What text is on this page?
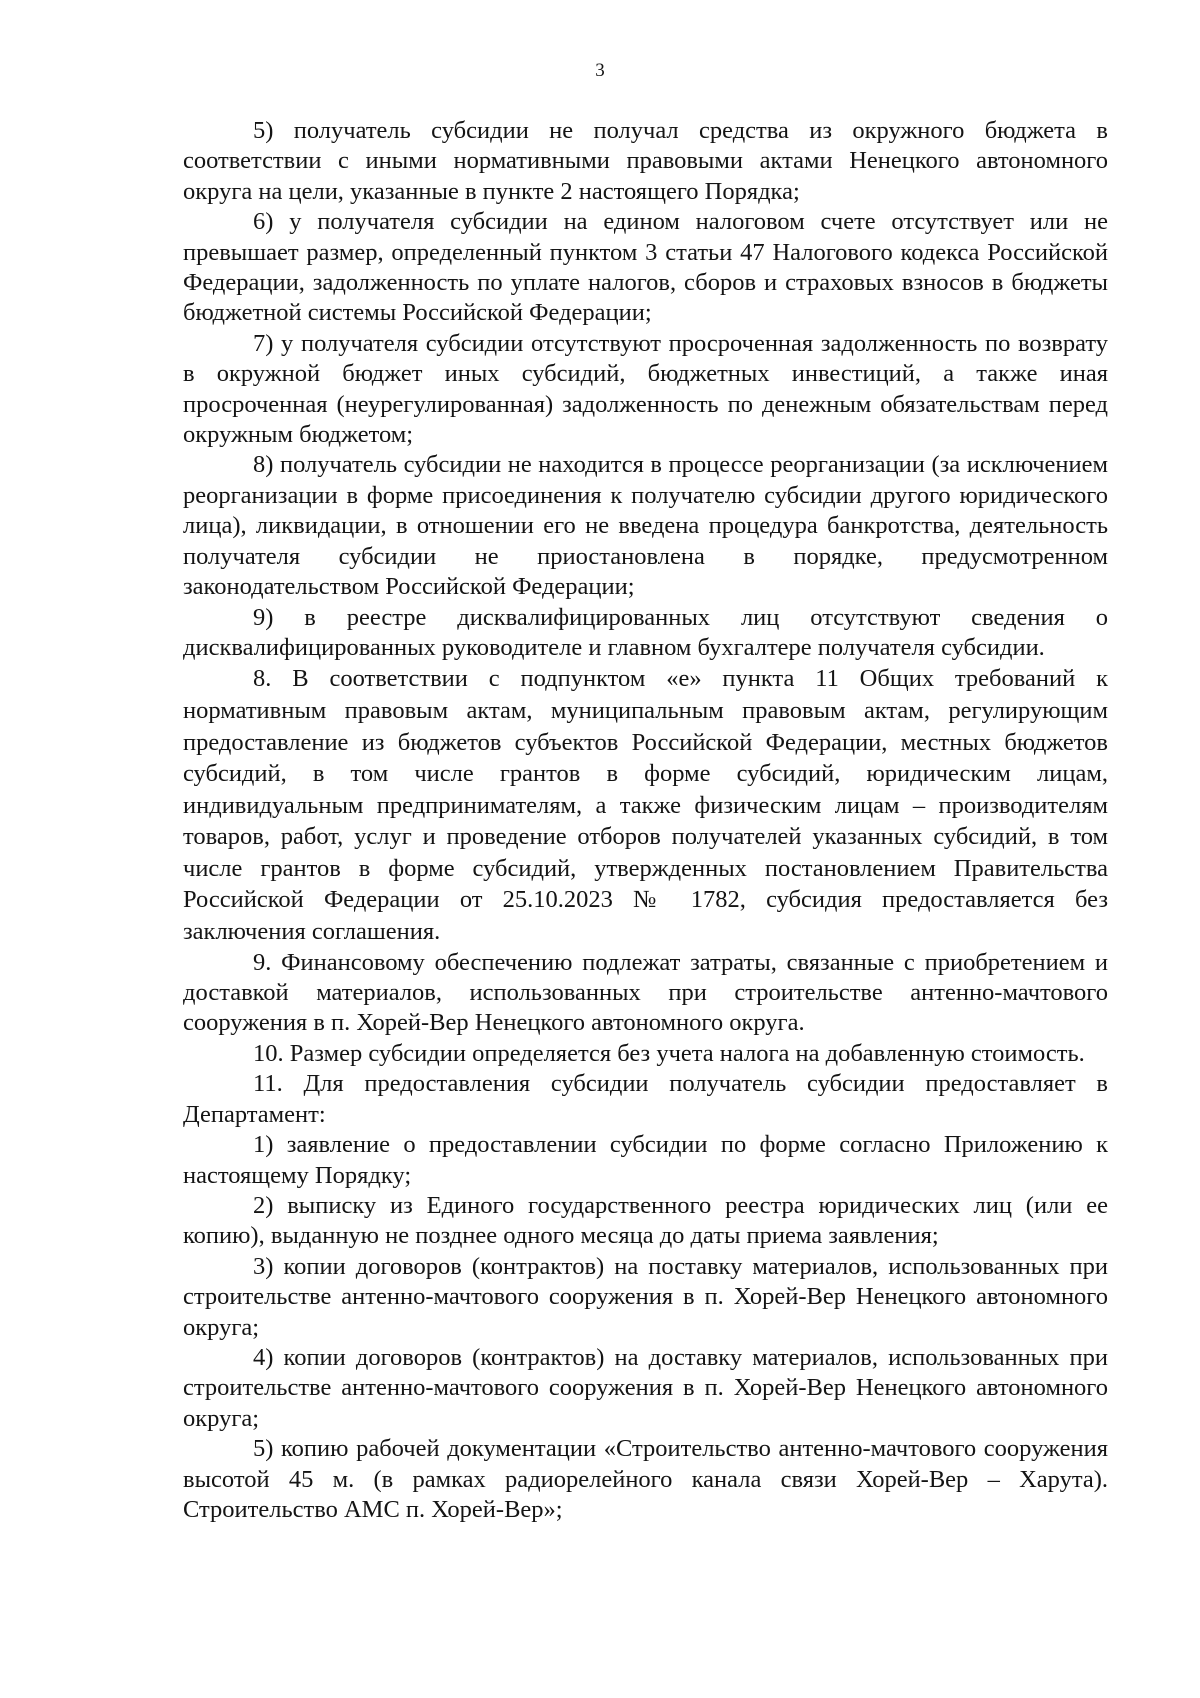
3

5) получатель субсидии не получал средства из окружного бюджета в соответствии с иными нормативными правовыми актами Ненецкого автономного округа на цели, указанные в пункте 2 настоящего Порядка;

6) у получателя субсидии на едином налоговом счете отсутствует или не превышает размер, определенный пунктом 3 статьи 47 Налогового кодекса Российской Федерации, задолженность по уплате налогов, сборов и страховых взносов в бюджеты бюджетной системы Российской Федерации;

7) у получателя субсидии отсутствуют просроченная задолженность по возврату в окружной бюджет иных субсидий, бюджетных инвестиций, а также иная просроченная (неурегулированная) задолженность по денежным обязательствам перед окружным бюджетом;

8) получатель субсидии не находится в процессе реорганизации (за исключением реорганизации в форме присоединения к получателю субсидии другого юридического лица), ликвидации, в отношении его не введена процедура банкротства, деятельность получателя субсидии не приостановлена в порядке, предусмотренном законодательством Российской Федерации;

9) в реестре дисквалифицированных лиц отсутствуют сведения о дисквалифицированных руководителе и главном бухгалтере получателя субсидии.

8. В соответствии с подпунктом «е» пункта 11 Общих требований к нормативным правовым актам, муниципальным правовым актам, регулирующим предоставление из бюджетов субъектов Российской Федерации, местных бюджетов субсидий, в том числе грантов в форме субсидий, юридическим лицам, индивидуальным предпринимателям, а также физическим лицам – производителям товаров, работ, услуг и проведение отборов получателей указанных субсидий, в том числе грантов в форме субсидий, утвержденных постановлением Правительства Российской Федерации от 25.10.2023 № 1782, субсидия предоставляется без заключения соглашения.

9. Финансовому обеспечению подлежат затраты, связанные с приобретением и доставкой материалов, использованных при строительстве антенно-мачтового сооружения в п. Хорей-Вер Ненецкого автономного округа.

10. Размер субсидии определяется без учета налога на добавленную стоимость.

11. Для предоставления субсидии получатель субсидии предоставляет в Департамент:

1) заявление о предоставлении субсидии по форме согласно Приложению к настоящему Порядку;

2) выписку из Единого государственного реестра юридических лиц (или ее копию), выданную не позднее одного месяца до даты приема заявления;

3) копии договоров (контрактов) на поставку материалов, использованных при строительстве антенно-мачтового сооружения в п. Хорей-Вер Ненецкого автономного округа;

4) копии договоров (контрактов) на доставку материалов, использованных при строительстве антенно-мачтового сооружения в п. Хорей-Вер Ненецкого автономного округа;

5) копию рабочей документации «Строительство антенно-мачтового сооружения высотой 45 м. (в рамках радиорелейного канала связи Хорей-Вер – Харута). Строительство АМС п. Хорей-Вер»;
